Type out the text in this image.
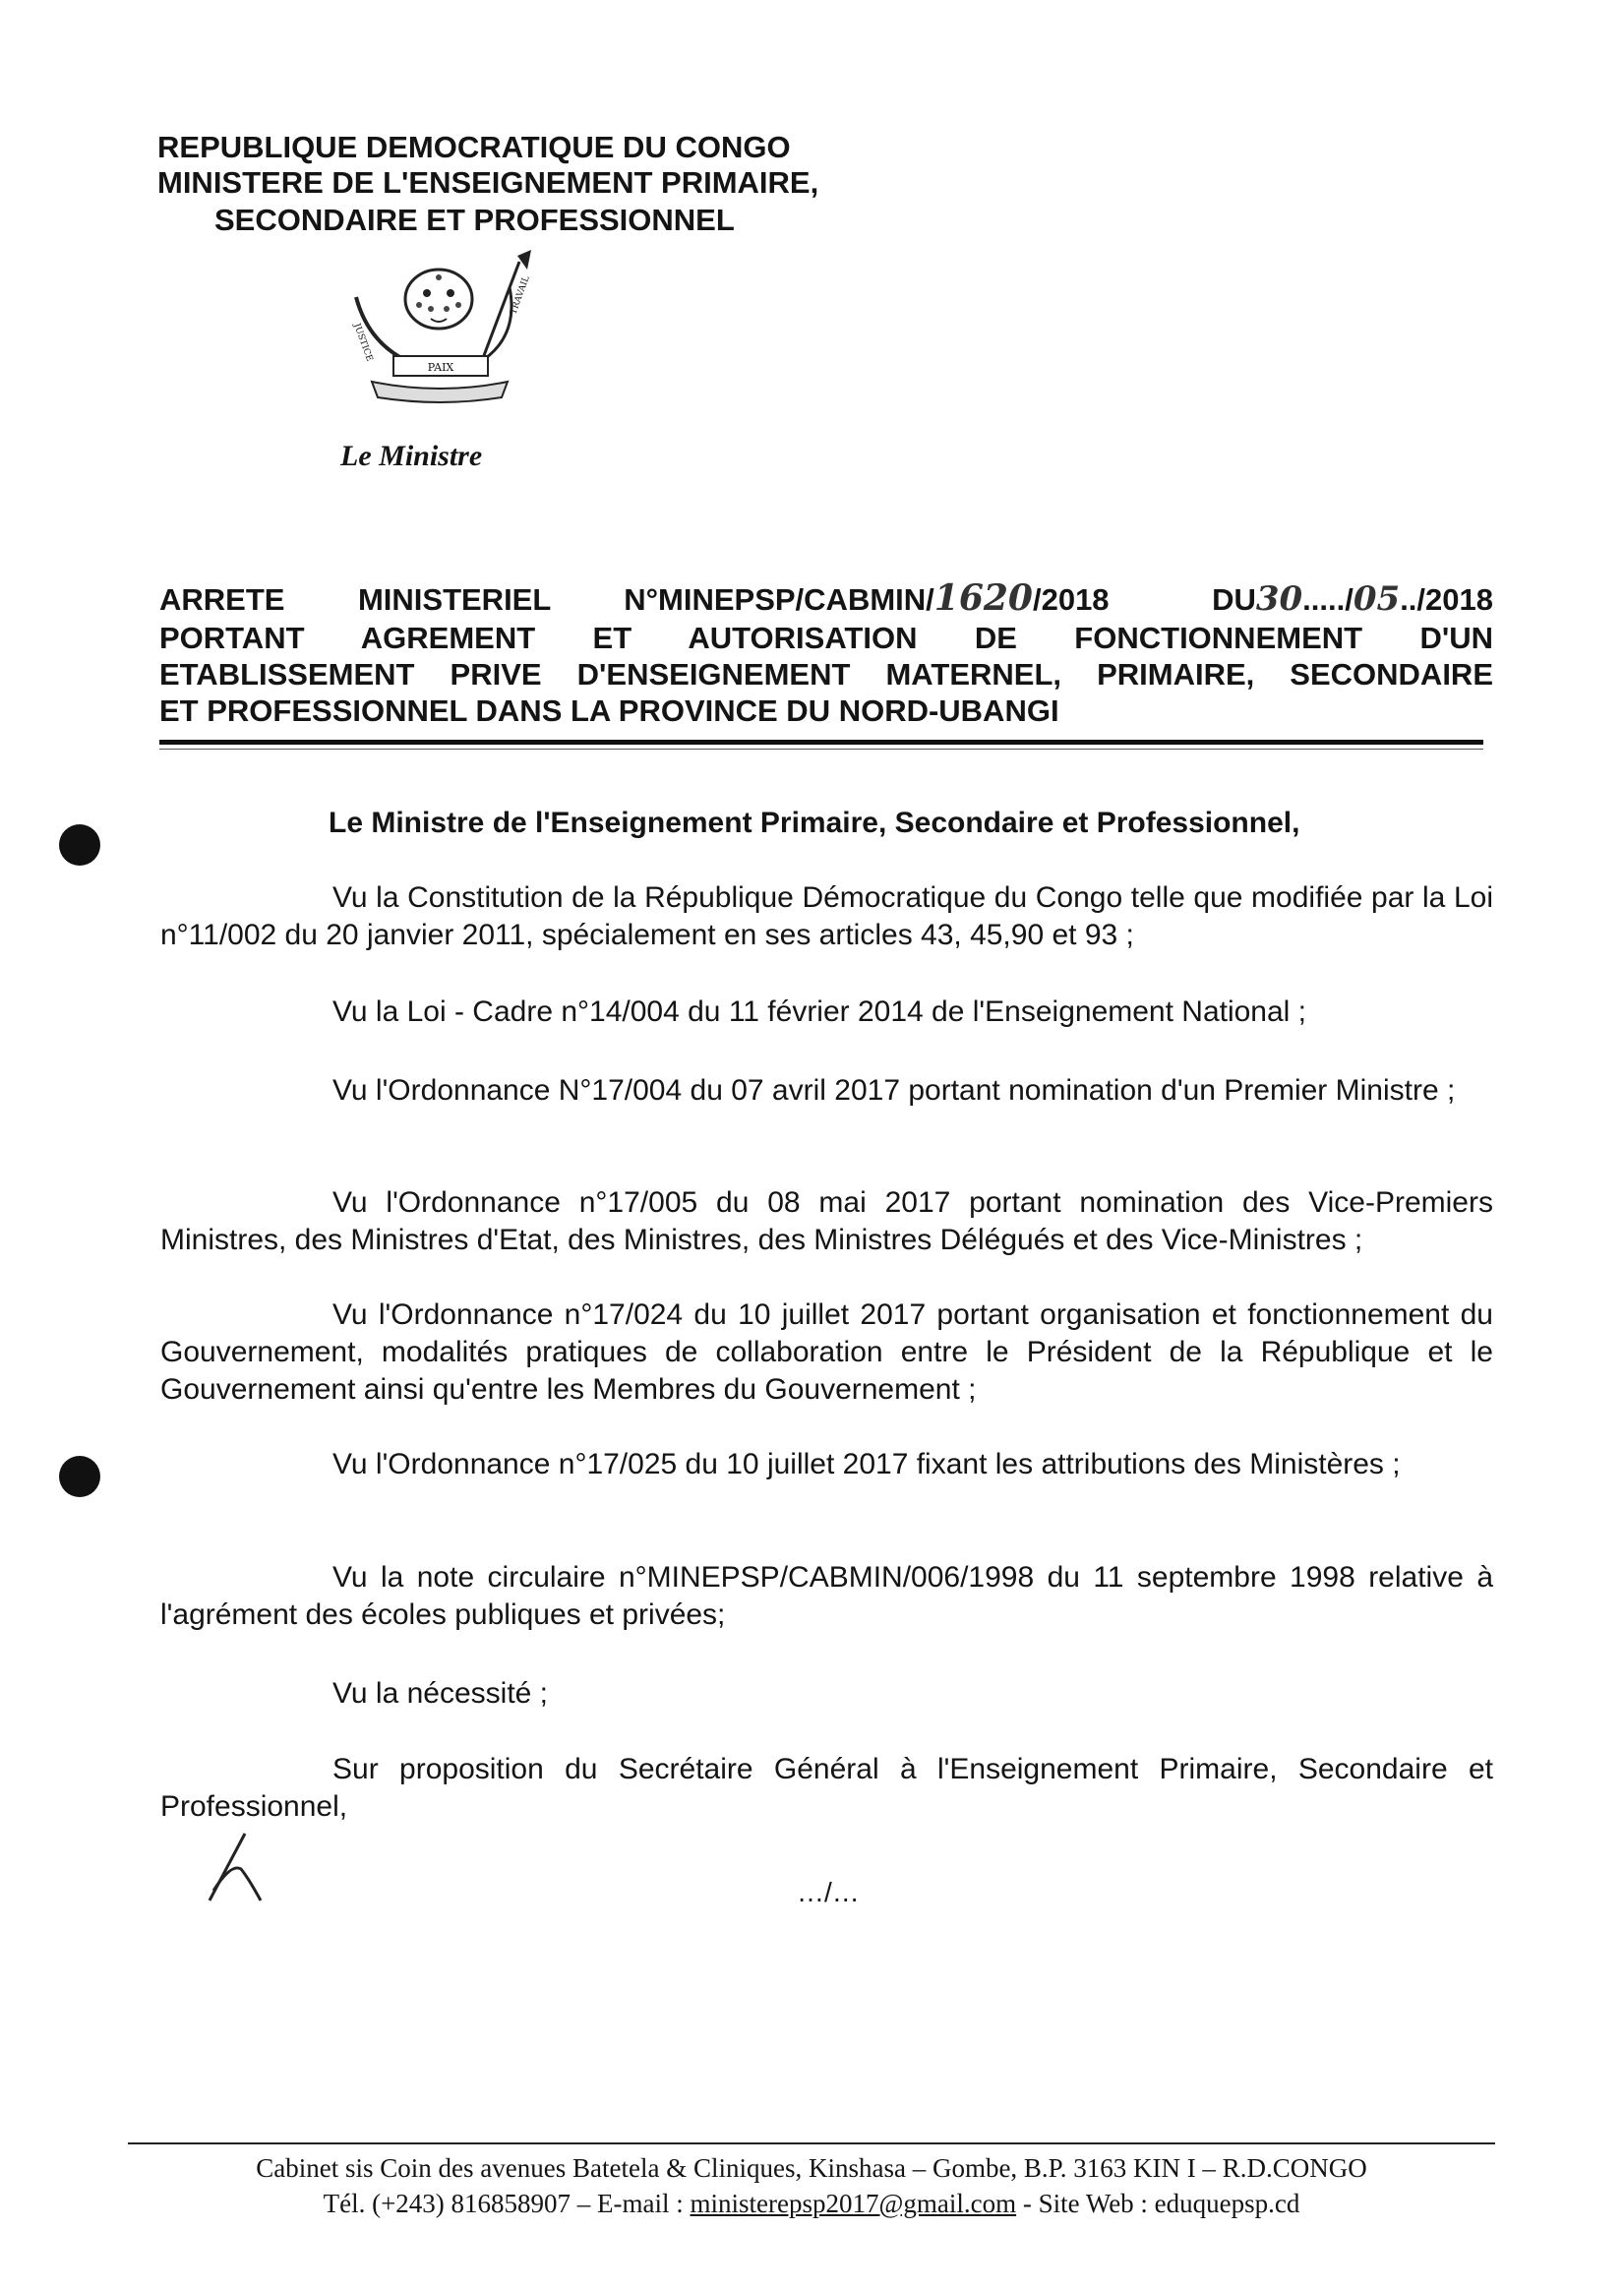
REPUBLIQUE DEMOCRATIQUE DU CONGO
MINISTERE DE L'ENSEIGNEMENT PRIMAIRE,
SECONDAIRE ET PROFESSIONNEL
PAIX
JUSTICE
TRAVAIL
Le Ministre
ARRETE MINISTERIEL N°MINEPSP/CABMIN/1620/2018	DU30...../05../2018
PORTANT AGREMENT ET AUTORISATION DE FONCTIONNEMENT D'UN
ETABLISSEMENT PRIVE D'ENSEIGNEMENT MATERNEL, PRIMAIRE, SECONDAIRE
ET PROFESSIONNEL DANS LA PROVINCE DU NORD-UBANGI
Le Ministre de l'Enseignement Primaire, Secondaire et Professionnel,
Vu la Constitution de la République Démocratique du Congo telle que modifiée par la Loi n°11/002 du 20 janvier 2011, spécialement en ses articles 43, 45,90 et 93 ;
Vu la Loi - Cadre n°14/004 du 11 février 2014 de l'Enseignement National ;
Vu l'Ordonnance N°17/004 du 07 avril 2017 portant nomination d'un Premier Ministre ;
Vu l'Ordonnance n°17/005 du 08 mai 2017 portant nomination des Vice-Premiers Ministres, des Ministres d'Etat, des Ministres, des Ministres Délégués et des Vice-Ministres ;
Vu l'Ordonnance n°17/024 du 10 juillet 2017 portant organisation et fonctionnement du Gouvernement, modalités pratiques de collaboration entre le Président de la République et le Gouvernement ainsi qu'entre les Membres du Gouvernement ;
Vu l'Ordonnance n°17/025 du 10 juillet 2017 fixant les attributions des Ministères ;
Vu la note circulaire n°MINEPSP/CABMIN/006/1998 du 11 septembre 1998 relative à l'agrément des écoles publiques et privées;
Vu la nécessité ;
Sur proposition du Secrétaire Général à l'Enseignement Primaire, Secondaire et Professionnel,
…/…
Cabinet sis Coin des avenues Batetela & Cliniques, Kinshasa – Gombe, B.P. 3163 KIN I – R.D.CONGO
Tél. (+243) 816858907 – E-mail : ministerepsp2017@gmail.com - Site Web : eduquepsp.cd
